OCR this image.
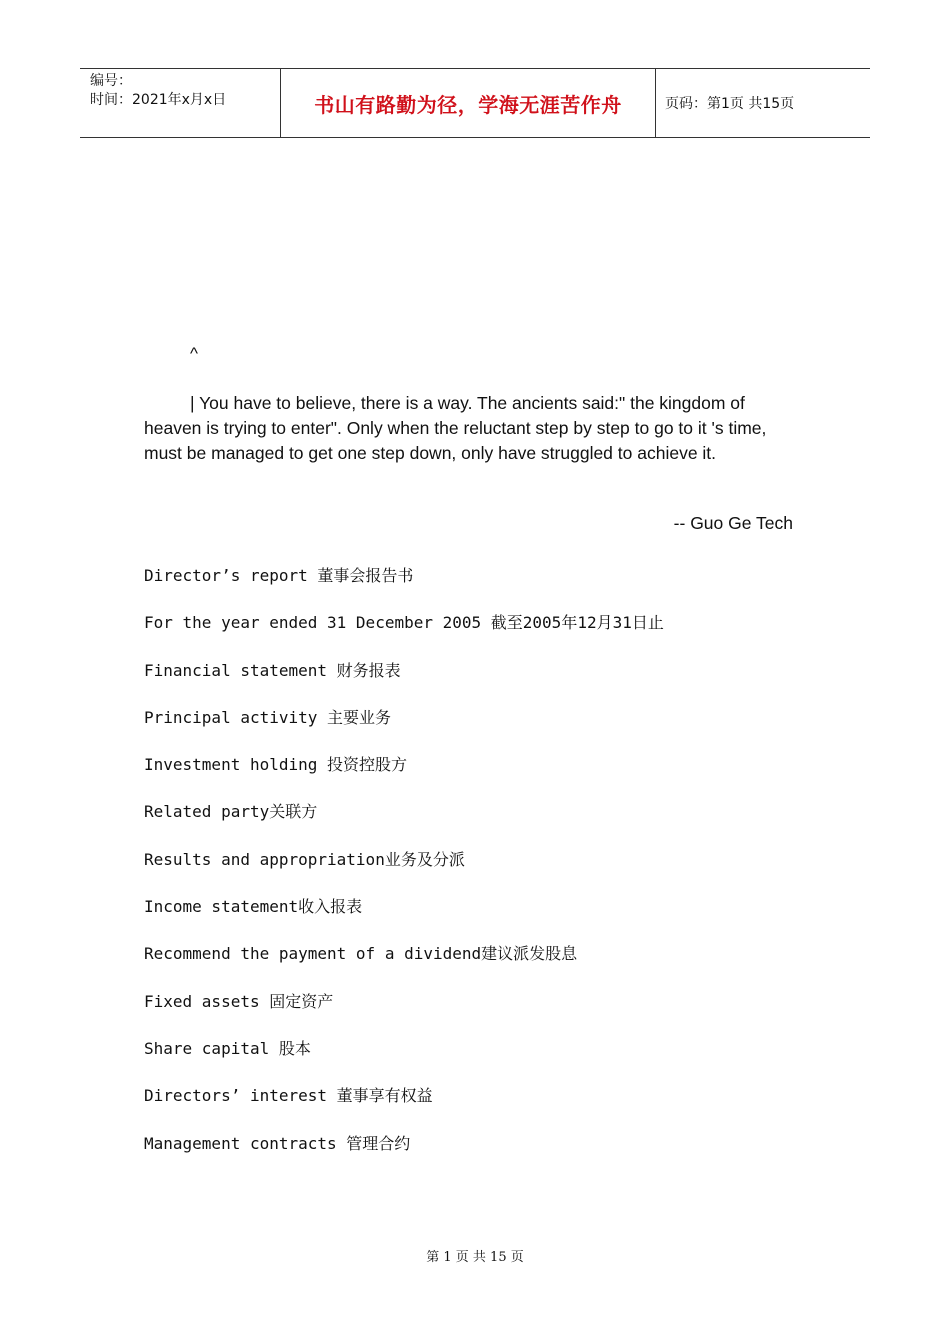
编号：
时间：2021年x月x日	书山有路勤为径，学海无涯苦作舟	页码：第1页 共15页
^

| You have to believe, there is a way. The ancients said:" the kingdom of heaven is trying to enter". Only when the reluctant step by step to go to it 's time, must be managed to get one step down, only have struggled to achieve it.

-- Guo Ge Tech
Director’s report 董事会报告书
For the year ended 31 December 2005 截至2005年12月31日止
Financial statement 财务报表
Principal activity 主要业务
Investment holding 投资控股方
Related party关联方
Results and appropriation业务及分派
Income statement收入报表
Recommend the payment of a dividend建议派发股息
Fixed assets 固定资产
Share capital 股本
Directors’ interest 董事享有权益
Management contracts 管理合约
第 1 页 共 15 页
